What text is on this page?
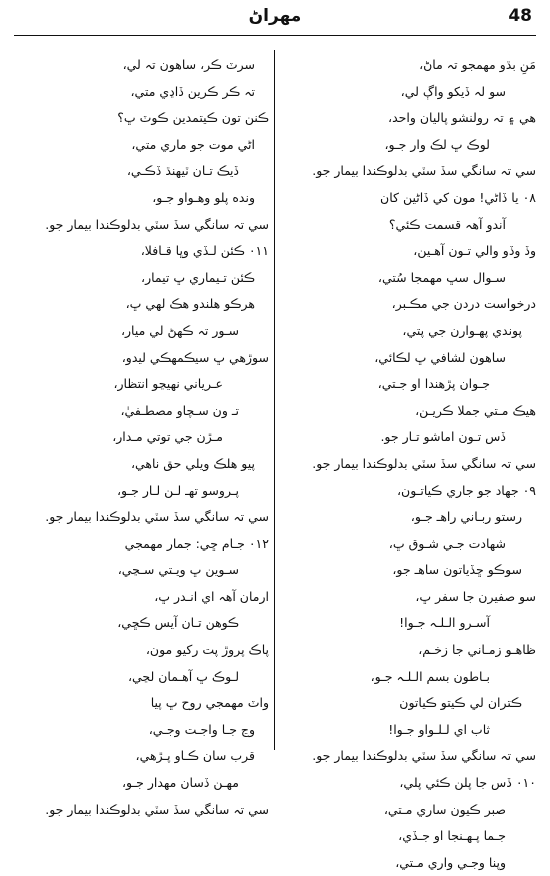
48
مهراڻ
مَنِ بڌو مهمجو تہ ماڻ،
سو لہ ڏيکو واڳ لي،
هي ۽ تہ رولنشو پاليان واحد،
لوڪ ڀ لڪ وار جـو،
سي تہ سانگي سڏ سٽي بدلوڪندا بيمار جو.
٠٨ يا ڏاڻي! مون کي ڏاڻين کان
آندو آهہ قسمت ڪئي؟
وڏ وڏو والي تـون آهـين،
سـوال سڀ مهمجا سُتي،
درخواست دردن جي مڪـبر،
پوندي پهـوارن جي پتي،
ساهون لشافي ڀ لڪائي،
جـوان پڙهندا او جـتي،
هيڪ مـتي جملا ڪريـن،
ڏس تـون اماشو تـار جو.
سي تہ سانگي سڏ سٽي بدلوڪندا بيمار جو.
٠٩ جهاد جو جاري ڪياتـون،
رستو ربـاني راهـ جـو،
شهادت جـي شـوق ڀ،
سوڪو ڇڏياتون ساهـ جو،
سو صفيرن جا سفر ڀ،
آسـرو الـلـہ جـوا!
ظاهـو زمـاني جا زخـم،
بـاطون بسم الـلـہ جـو،
ڪتران لي ڪيتو ڪياتون
ثاب اي لـلـواو جـوا!
سي تہ سانگي سڏ سٽي بدلوڪندا بيمار جو.
٠١٠ ڏس جا پلن ڪئي پلي،
صبر ڪيون ساري مـتي،
جـما پـهـنجا او جـڏي،
وپنا وجـي واري مـتي،
سرٽ ڪر، ساهون تہ لي،
تہ ڪر ڪرين ڏاڍي متي،
ڪنن تون ڪيتمدين ڪوٽ ڀ؟
اڻي موت جو ماري متي،
ڏيڪ تـان ٽيهنڌ ڏڪـي،
ونده پلو وهـواو جـو،
سي تہ سانگي سڏ سٽي بدلوڪندا بيمار جو.
٠١١ ڪئن لـڏي وڀا قـافلا،
ڪئن تـيماري ڀ تيمار،
هرڪو هلندو هڪ لهي ڀ،
سـور تہ ڪهڻ لي ميار،
سوڙهي ڀ سيڪمهڪي ليدو،
عـرياني نهيڃو انتظار،
تـ ون سـچاو مصطـفيٰ،
مـڙن جي توتي مـدار،
پيو هلڪ ويلي حق ناهي،
پـروسو تهـ لـن لـار جـو،
سي تہ سانگي سڏ سٽي بدلوڪندا بيمار جو.
٠١٢ جـام ڇي: جمار مهمجي
سـوين ڀ ويـتي سـڃي،
ارمان آهہ اي انـدر ڀ،
ڪوهن تـان آيس ڪڇي،
پاڪ پروڙ پت رکيو مون،
لـوڪ ڀ آهـمان لڃي،
واٽ مهمجي روح ڀ پيا
وڃ جـا واجـت وجـي،
قرب سان ڪـاو پـڙهي،
مهـن ڏسان مهدار جـو،
سي تہ سانگي سڏ سٽي بدلوڪندا بيمار جو.
